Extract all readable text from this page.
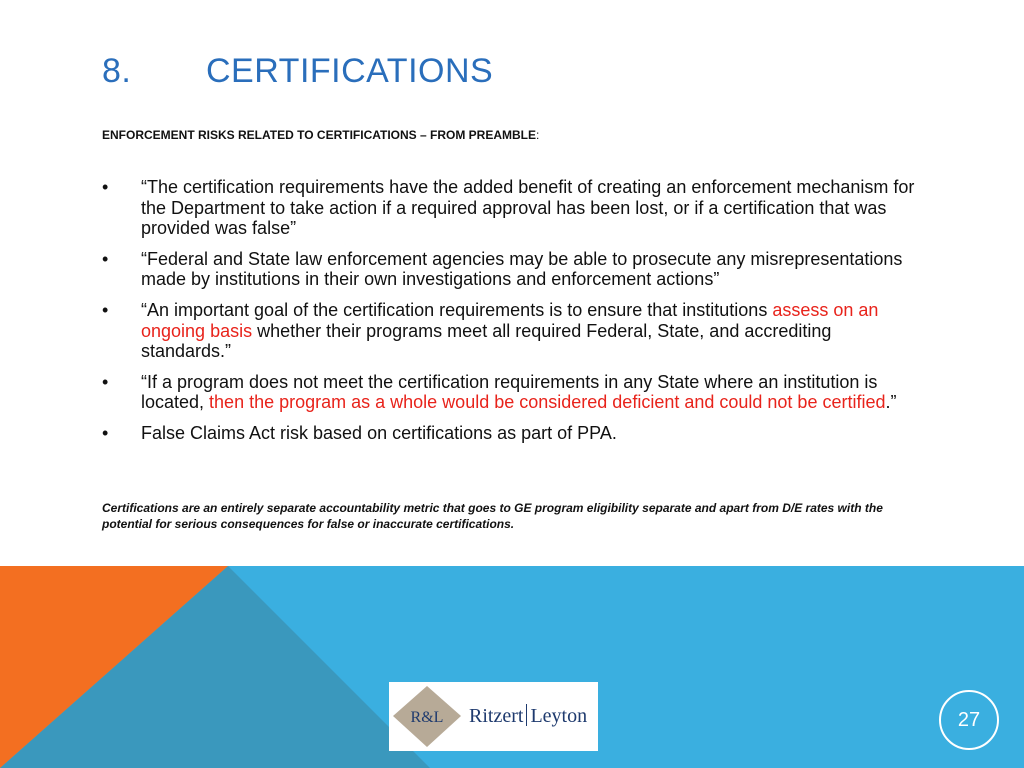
8. CERTIFICATIONS
ENFORCEMENT RISKS RELATED TO CERTIFICATIONS – FROM PREAMBLE:
• “The certification requirements have the added benefit of creating an enforcement mechanism for the Department to take action if a required approval has been lost, or if a certification that was provided was false”
• “Federal and State law enforcement agencies may be able to prosecute any misrepresentations made by institutions in their own investigations and enforcement actions”
• “An important goal of the certification requirements is to ensure that institutions assess on an ongoing basis whether their programs meet all required Federal, State, and accrediting standards.”
• “If a program does not meet the certification requirements in any State where an institution is located, then the program as a whole would be considered deficient and could not be certified.”
• False Claims Act risk based on certifications as part of PPA.
Certifications are an entirely separate accountability metric that goes to GE program eligibility separate and apart from D/E rates with the potential for serious consequences for false or inaccurate certifications.
R&L Ritzert Leyton	27
